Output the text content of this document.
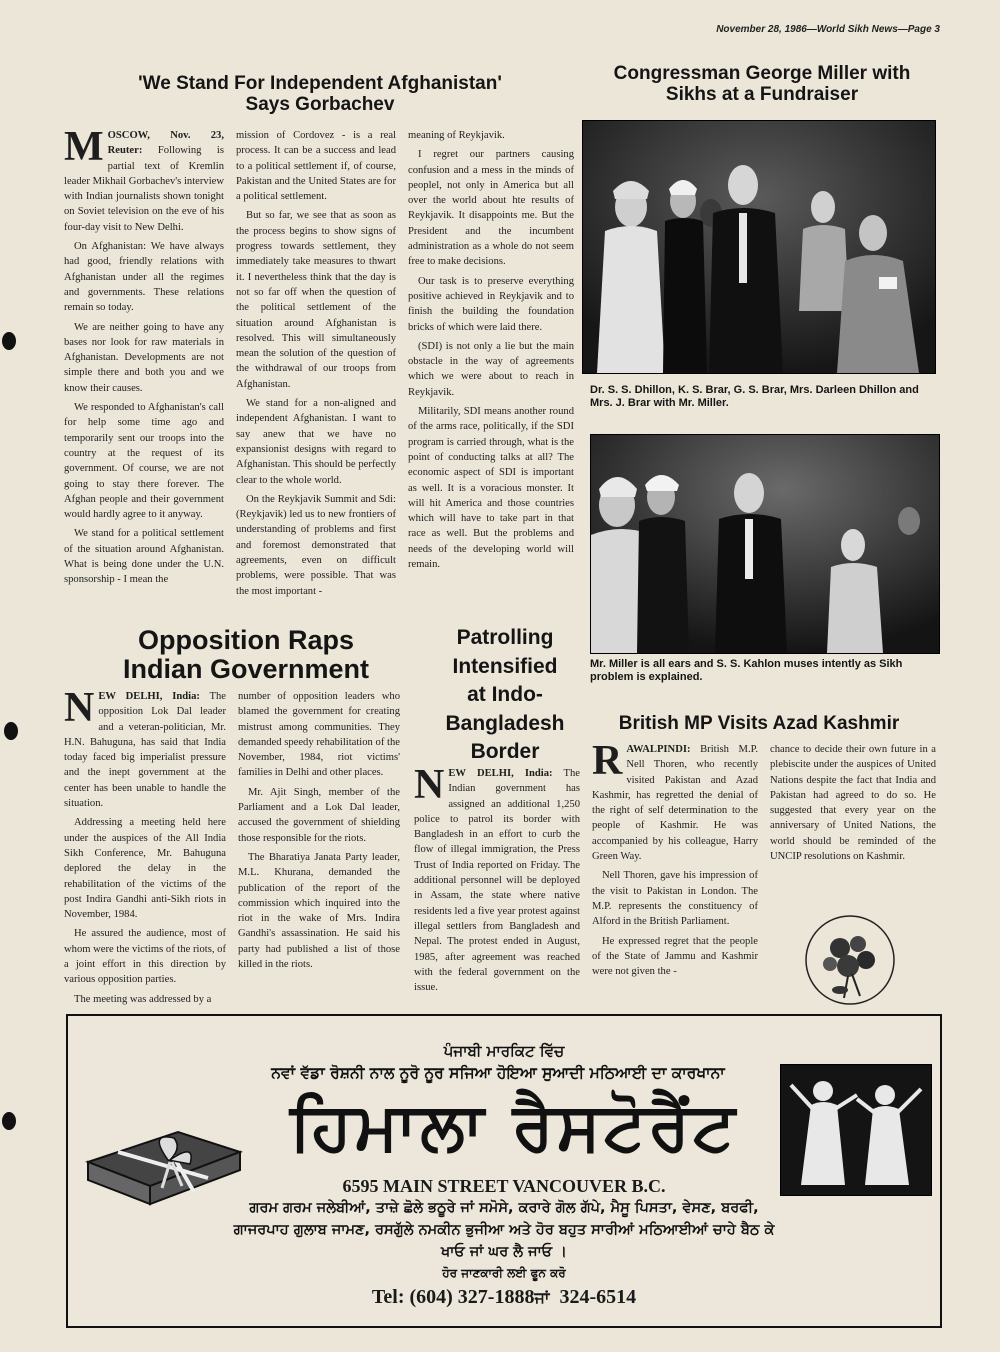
November 28, 1986—World Sikh News—Page 3
'We Stand For Independent Afghanistan'
Says Gorbachev

MOSCOW, Nov. 23, Reuter: Following is partial text of Kremlin leader Mikhail Gorbachev's interview with Indian journalists shown tonight on Soviet television on the eve of his four-day visit to New Delhi.

On Afghanistan: We have always had good, friendly relations with Afghanistan under all the regimes and governments. These relations remain so today.

We are neither going to have any bases nor look for raw materials in Afghanistan. Developments are not simple there and both you and we know their causes.

We responded to Afghanistan's call for help some time ago and temporarily sent our troops into the country at the request of its government. Of course, we are not going to stay there forever. The Afghan people and their government would hardly agree to it anyway.

We stand for a political settlement of the situation around Afghanistan. What is being done under the U.N. sponsorship - I mean the

mission of Cordovez - is a real process. It can be a success and lead to a political settlement if, of course, Pakistan and the United States are for a political settlement.

But so far, we see that as soon as the process begins to show signs of progress towards settlement, they immediately take measures to thwart it. I nevertheless think that the day is not so far off when the question of the political settlement of the situation around Afghanistan is resolved. This will simultaneously mean the solution of the question of the withdrawal of our troops from Afghanistan.

We stand for a non-aligned and independent Afghanistan. I want to say anew that we have no expansionist designs with regard to Afghanistan. This should be perfectly clear to the whole world.

On the Reykjavik Summit and Sdi: (Reykjavik) led us to new frontiers of understanding of problems and first and foremost demonstrated that agreements, even on difficult problems, were possible. That was the most important -

meaning of Reykjavik.

I regret our partners causing confusion and a mess in the minds of peoplel, not only in America but all over the world about hte results of Reykjavik. It disappoints me. But the President and the incumbent administration as a whole do not seem free to make decisions.

Our task is to preserve everything positive achieved in Reykjavik and to finish the building the foundation bricks of which were laid there.

(SDI) is not only a lie but the main obstacle in the way of agreements which we were about to reach in Reykjavik.

Militarily, SDI means another round of the arms race, politically, if the SDI program is carried through, what is the point of conducting talks at all? The economic aspect of SDI is important as well. It is a voracious monster. It will hit America and those countries which will have to take part in that race as well. But the problems and needs of the developing world will remain.

Congressman George Miller with
Sikhs at a Fundraiser
Dr. S. S. Dhillon, K. S. Brar, G. S. Brar, Mrs. Darleen Dhillon and Mrs. J. Brar with Mr. Miller.
Mr. Miller is all ears and S. S. Kahlon muses intently as Sikh problem is explained.
Opposition Raps
Indian Government

NEW DELHI, India: The opposition Lok Dal leader and a veteran-politician, Mr. H.N. Bahuguna, has said that India today faced big imperialist pressure and the inept government at the center has been unable to handle the situation.

Addressing a meeting held here under the auspices of the All India Sikh Conference, Mr. Bahuguna deplored the delay in the rehabilitation of the victims of the post Indira Gandhi anti-Sikh riots in November, 1984.

He assured the audience, most of whom were the victims of the riots, of a joint effort in this direction by various opposition parties.

The meeting was addressed by a

number of opposition leaders who blamed the government for creating mistrust among communities. They demanded speedy rehabilitation of the November, 1984, riot victims' families in Delhi and other places.

Mr. Ajit Singh, member of the Parliament and a Lok Dal leader, accused the government of shielding those responsible for the riots.

The Bharatiya Janata Party leader, M.L. Khurana, demanded the publication of the report of the commission which inquired into the riot in the wake of Mrs. Indira Gandhi's assassination. He said his party had published a list of those killed in the riots.

Patrolling
Intensified
at Indo-
Bangladesh
Border

NEW DELHI, India: The Indian government has assigned an additional 1,250 police to patrol its border with Bangladesh in an effort to curb the flow of illegal immigration, the Press Trust of India reported on Friday. The additional personnel will be deployed in Assam, the state where native residents led a five year protest against illegal settlers from Bangladesh and Nepal. The protest ended in August, 1985, after agreement was reached with the federal government on the issue.

British MP Visits Azad Kashmir

RAWALPINDI: British M.P. Nell Thoren, who recently visited Pakistan and Azad Kashmir, has regretted the denial of the right of self determination to the people of Kashmir. He was accompanied by his colleague, Harry Green Way.

Nell Thoren, gave his impression of the visit to Pakistan in London. The M.P. represents the constituency of Alford in the British Parliament.

He expressed regret that the people of the State of Jammu and Kashmir were not given the -

chance to decide their own future in a plebiscite under the auspices of United Nations despite the fact that India and Pakistan had agreed to do so. He suggested that every year on the anniversary of United Nations, the world should be reminded of the UNCIP resolutions on Kashmir.

ਪੰਜਾਬੀ ਮਾਰਕਿਟ ਵਿੱਚ
ਨਵਾਂ ਵੱਡਾ ਰੋਸ਼ਨੀ ਨਾਲ ਨੂਰੋ ਨੂਰ ਸਜਿਆ ਹੋਇਆ ਸੁਆਦੀ ਮਠਿਆਈ ਦਾ ਕਾਰਖਾਨਾ
ਹਿਮਾਲਾ ਰੈਸਟੋਰੈਂਟ
6595 MAIN STREET VANCOUVER B.C.
ਗਰਮ ਗਰਮ ਜਲੇਬੀਆਂ, ਤਾਜ਼ੇ ਛੋਲੇ ਭਠੂਰੇ ਜਾਂ ਸਮੋਸੇ, ਕਰਾਰੇ ਗੋਲ ਗੱਪੇ, ਮੈਸੂ ਪਿਸਤਾ, ਵੇਸਣ, ਬਰਫੀ,
ਗਾਜਰਪਾਹ ਗੁਲਾਬ ਜਾਮਣ, ਰਸਗੁੱਲੇ ਨਮਕੀਨ ਭੁਜੀਆ ਅਤੇ ਹੋਰ ਬਹੁਤ ਸਾਰੀਆਂ ਮਠਿਆਈਆਂ ਚਾਹੇ ਬੈਠ ਕੇ
ਖਾਓ ਜਾਂ ਘਰ ਲੈ ਜਾਓ ।
ਹੋਰ ਜਾਣਕਾਰੀ ਲਈ ਫੂਨ ਕਰੋ
Tel: (604) 327-1888ਜਾਂ 324-6514
